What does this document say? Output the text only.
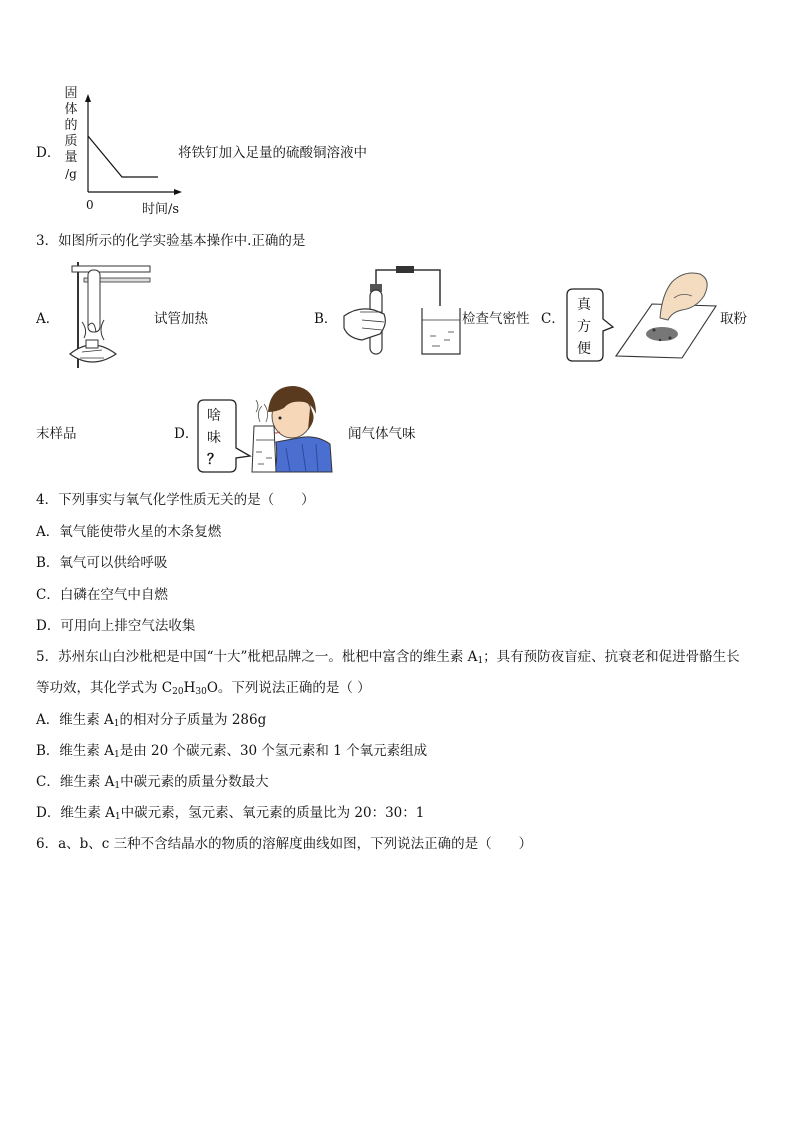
D．
固
体
的
质
量
/g
0	时间/s
将铁钉加入足量的硫酸铜溶液中
3．如图所示的化学实验基本操作中.正确的是
A．	试管加热	B．	检查气密性 C．
真
方
便
取粉
末样品	D．
啥
味
？
闻气体气味
4．下列事实与氧气化学性质无关的是（　　）
A．氧气能使带火星的木条复燃
B．氧气可以供给呼吸
C．白磷在空气中自燃
D．可用向上排空气法收集
5．苏州东山白沙枇杷是中国“十大”枇杷品牌之一。枇杷中富含的维生素 $A_1$；具有预防夜盲症、抗衰老和促进骨骼生长
等功效，其化学式为 $C_{20}H_{30}O$。下列说法正确的是（ ）
A．维生素 $A_1$的相对分子质量为 286g
B．维生素 $A_1$是由 20 个碳元素、30 个氢元素和 1 个氧元素组成
C．维生素 $A_1$中碳元素的质量分数最大
D．维生素 $A_1$中碳元素，氢元素、氧元素的质量比为 20：30：1
6．a、b、c 三种不含结晶水的物质的溶解度曲线如图，下列说法正确的是（　　）
